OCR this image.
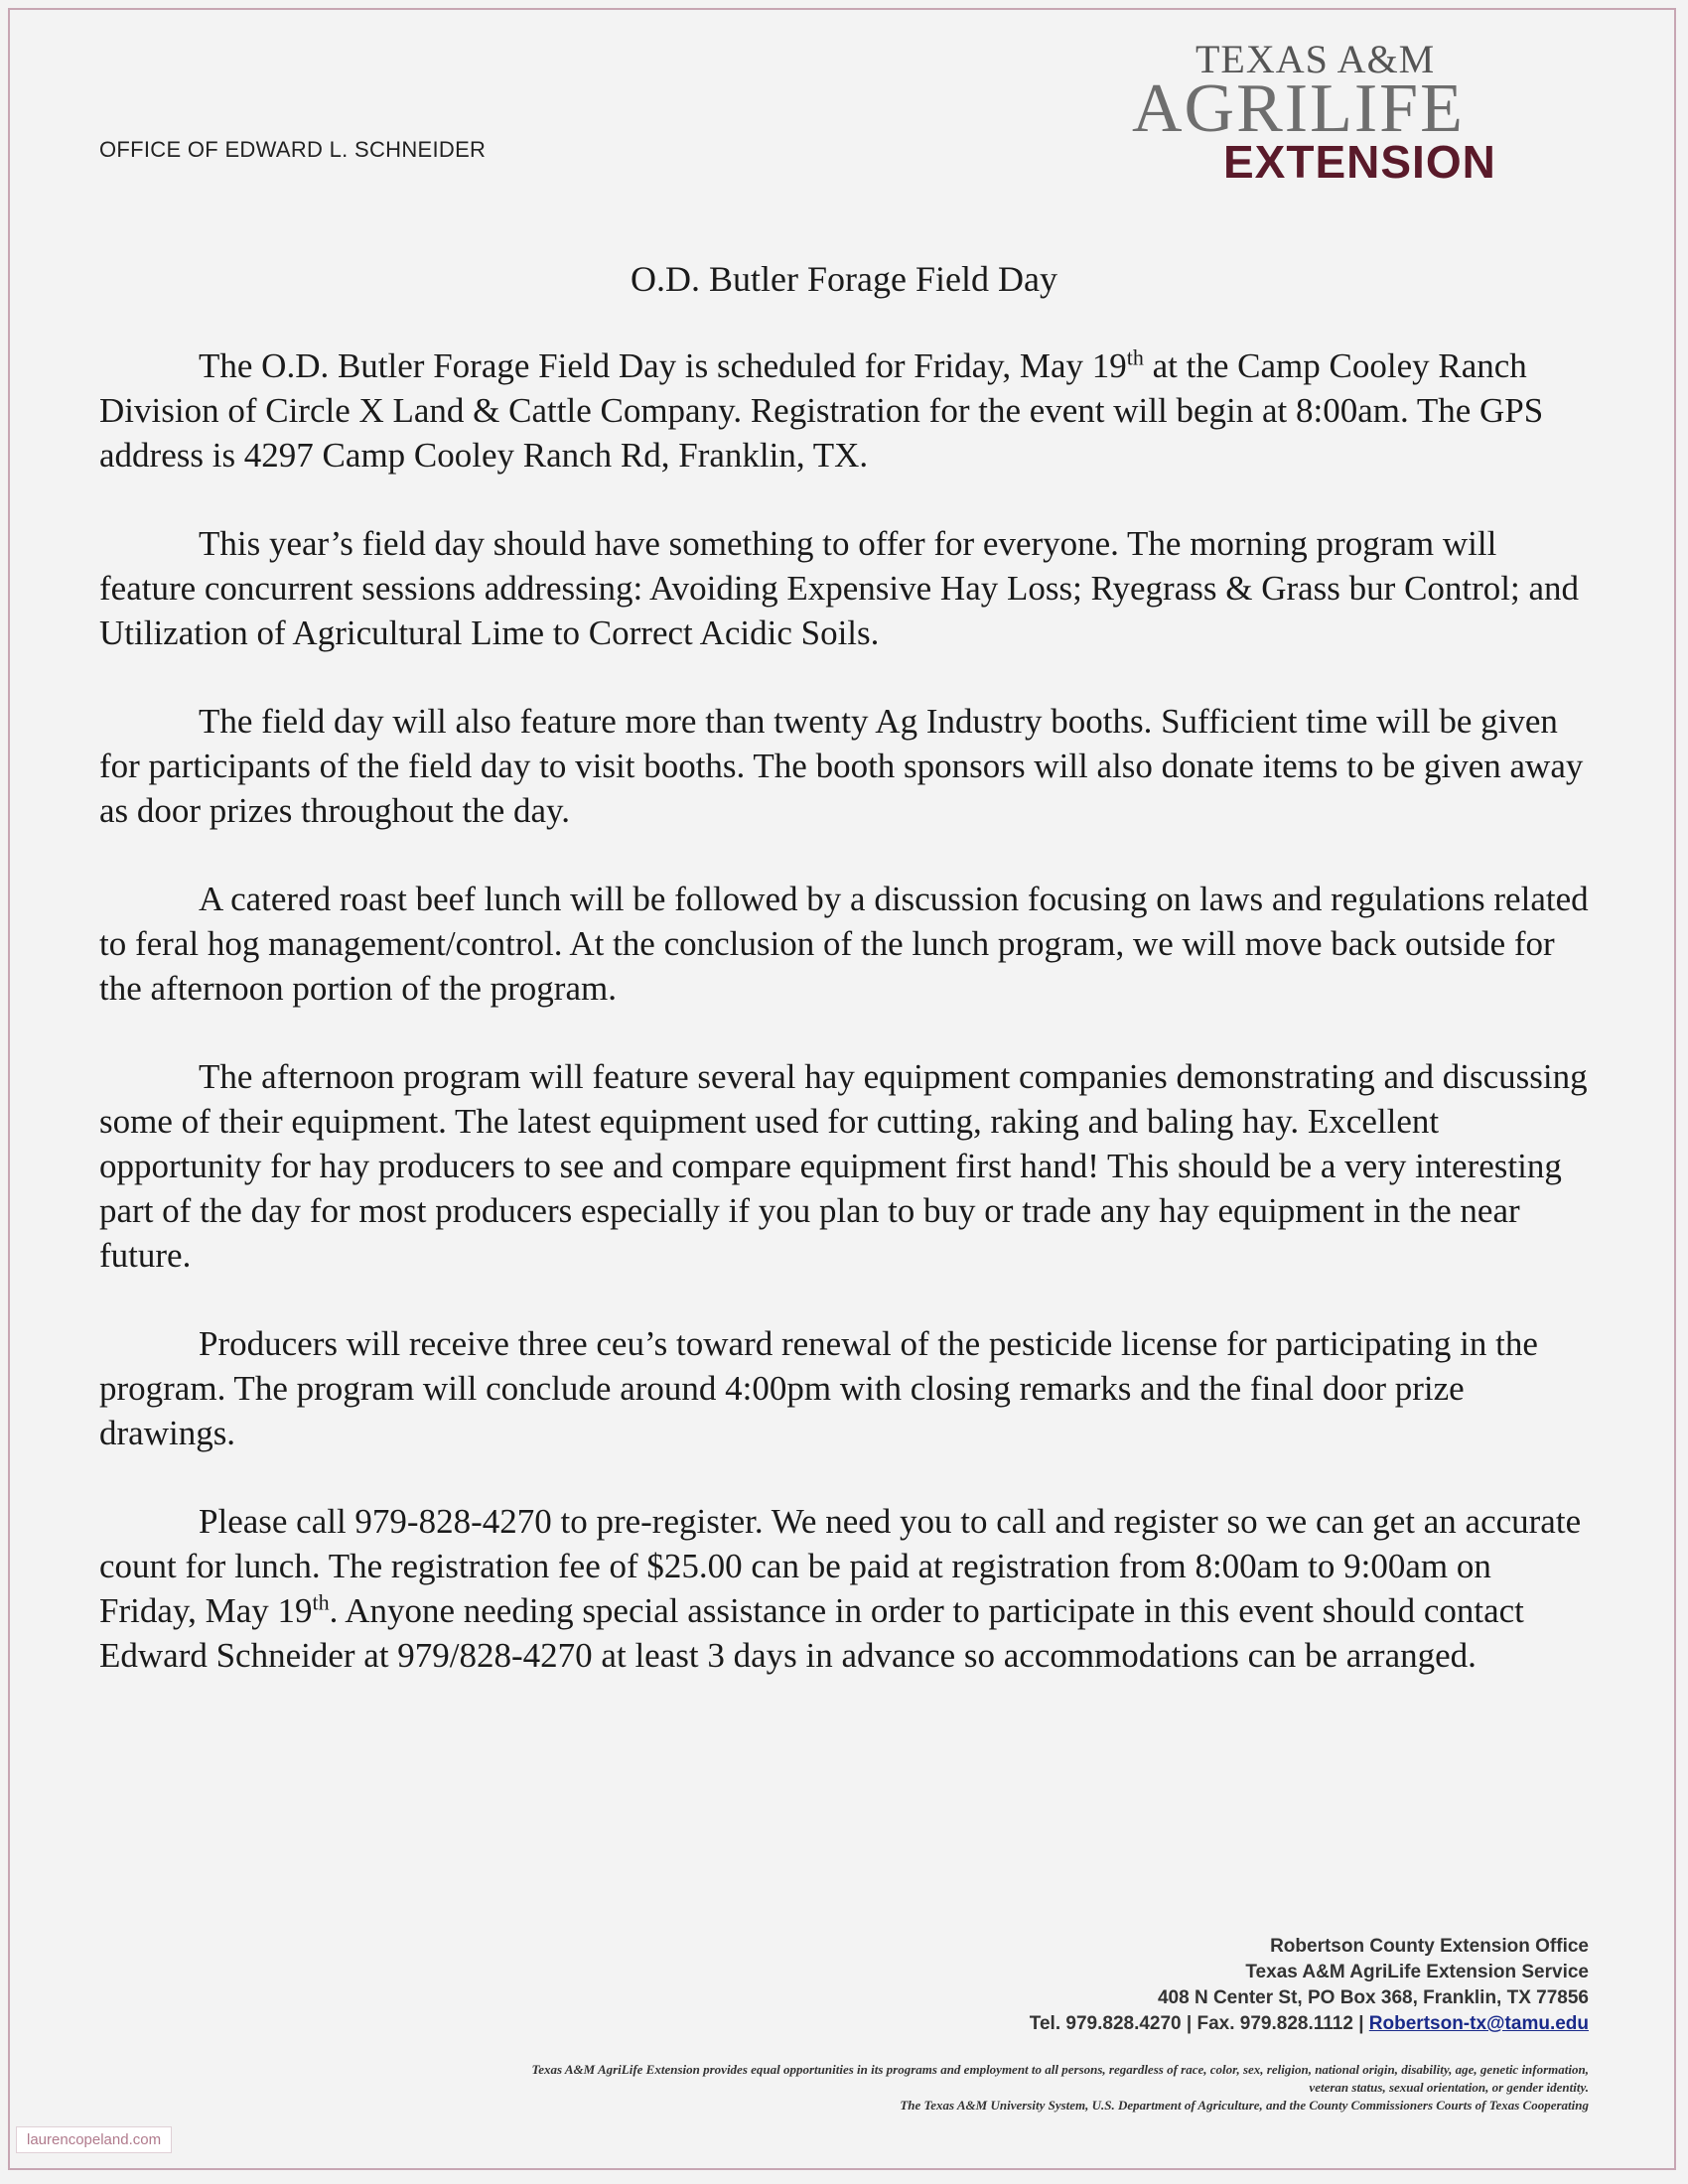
OFFICE OF EDWARD L. SCHNEIDER
TEXAS A&M
AGRILIFE
EXTENSION
O.D. Butler Forage Field Day

The O.D. Butler Forage Field Day is scheduled for Friday, May 19th at the Camp Cooley Ranch Division of Circle X Land & Cattle Company. Registration for the event will begin at 8:00am. The GPS address is 4297 Camp Cooley Ranch Rd, Franklin, TX.

This year’s field day should have something to offer for everyone. The morning program will feature concurrent sessions addressing: Avoiding Expensive Hay Loss; Ryegrass & Grass bur Control; and Utilization of Agricultural Lime to Correct Acidic Soils.

The field day will also feature more than twenty Ag Industry booths. Sufficient time will be given for participants of the field day to visit booths. The booth sponsors will also donate items to be given away as door prizes throughout the day.

A catered roast beef lunch will be followed by a discussion focusing on laws and regulations related to feral hog management/control. At the conclusion of the lunch program, we will move back outside for the afternoon portion of the program.

The afternoon program will feature several hay equipment companies demonstrating and discussing some of their equipment. The latest equipment used for cutting, raking and baling hay. Excellent opportunity for hay producers to see and compare equipment first hand! This should be a very interesting part of the day for most producers especially if you plan to buy or trade any hay equipment in the near future.

Producers will receive three ceu’s toward renewal of the pesticide license for participating in the program. The program will conclude around 4:00pm with closing remarks and the final door prize drawings.

Please call 979-828-4270 to pre-register. We need you to call and register so we can get an accurate count for lunch. The registration fee of $25.00 can be paid at registration from 8:00am to 9:00am on Friday, May 19th. Anyone needing special assistance in order to participate in this event should contact Edward Schneider at 979/828-4270 at least 3 days in advance so accommodations can be arranged.

Robertson County Extension Office
Texas A&M AgriLife Extension Service
408 N Center St, PO Box 368, Franklin, TX 77856
Tel. 979.828.4270 | Fax. 979.828.1112 | Robertson-tx@tamu.edu
Texas A&M AgriLife Extension provides equal opportunities in its programs and employment to all persons, regardless of race, color, sex, religion, national origin, disability, age, genetic information,
veteran status, sexual orientation, or gender identity.
The Texas A&M University System, U.S. Department of Agriculture, and the County Commissioners Courts of Texas Cooperating
laurencopeland.com
